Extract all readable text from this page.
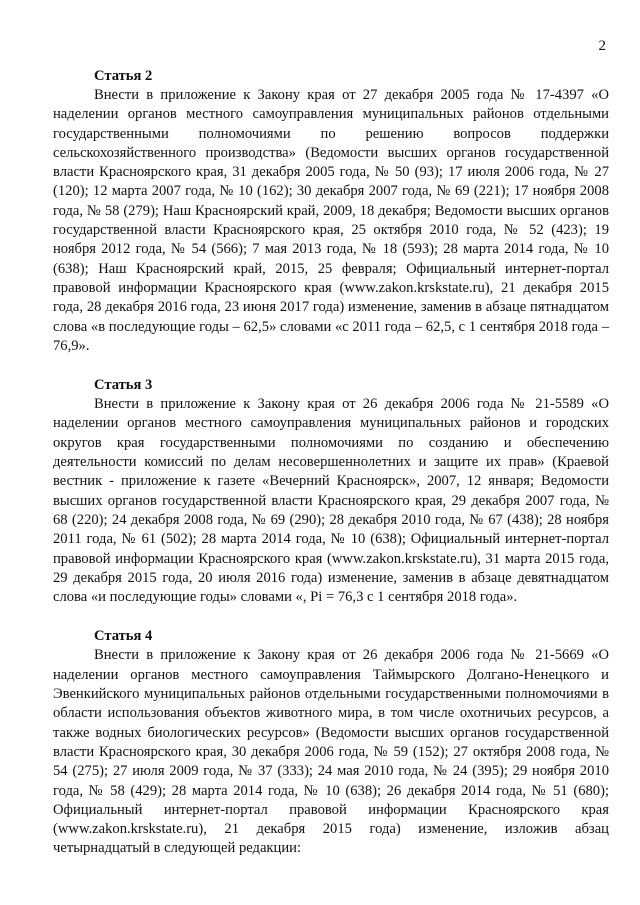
2

Статья 2

Внести в приложение к Закону края от 27 декабря 2005 года № 17-4397 «О наделении органов местного самоуправления муниципальных районов отдельными государственными полномочиями по решению вопросов поддержки сельскохозяйственного производства» (Ведомости высших органов государственной власти Красноярского края, 31 декабря 2005 года, № 50 (93); 17 июля 2006 года, № 27 (120); 12 марта 2007 года, № 10 (162); 30 декабря 2007 года, № 69 (221); 17 ноября 2008 года, № 58 (279); Наш Красноярский край, 2009, 18 декабря; Ведомости высших органов государственной власти Красноярского края, 25 октября 2010 года, № 52 (423); 19 ноября 2012 года, № 54 (566); 7 мая 2013 года, № 18 (593); 28 марта 2014 года, № 10 (638); Наш Красноярский край, 2015, 25 февраля; Официальный интернет-портал правовой информации Красноярского края (www.zakon.krskstate.ru), 21 декабря 2015 года, 28 декабря 2016 года, 23 июня 2017 года) изменение, заменив в абзаце пятнадцатом слова «в последующие годы – 62,5» словами «с 2011 года – 62,5, с 1 сентября 2018 года – 76,9».

Статья 3

Внести в приложение к Закону края от 26 декабря 2006 года № 21-5589 «О наделении органов местного самоуправления муниципальных районов и городских округов края государственными полномочиями по созданию и обеспечению деятельности комиссий по делам несовершеннолетних и защите их прав» (Краевой вестник - приложение к газете «Вечерний Красноярск», 2007, 12 января; Ведомости высших органов государственной власти Красноярского края, 29 декабря 2007 года, № 68 (220); 24 декабря 2008 года, № 69 (290); 28 декабря 2010 года, № 67 (438); 28 ноября 2011 года, № 61 (502); 28 марта 2014 года, № 10 (638); Официальный интернет-портал правовой информации Красноярского края (www.zakon.krskstate.ru), 31 марта 2015 года, 29 декабря 2015 года, 20 июля 2016 года) изменение, заменив в абзаце девятнадцатом слова «и последующие годы» словами «, Pi = 76,3 с 1 сентября 2018 года».

Статья 4

Внести в приложение к Закону края от 26 декабря 2006 года № 21-5669 «О наделении органов местного самоуправления Таймырского Долгано-Ненецкого и Эвенкийского муниципальных районов отдельными государственными полномочиями в области использования объектов животного мира, в том числе охотничьих ресурсов, а также водных биологических ресурсов» (Ведомости высших органов государственной власти Красноярского края, 30 декабря 2006 года, № 59 (152); 27 октября 2008 года, № 54 (275); 27 июля 2009 года, № 37 (333); 24 мая 2010 года, № 24 (395); 29 ноября 2010 года, № 58 (429); 28 марта 2014 года, № 10 (638); 26 декабря 2014 года, № 51 (680); Официальный интернет-портал правовой информации Красноярского края (www.zakon.krskstate.ru), 21 декабря 2015 года) изменение, изложив абзац четырнадцатый в следующей редакции:
